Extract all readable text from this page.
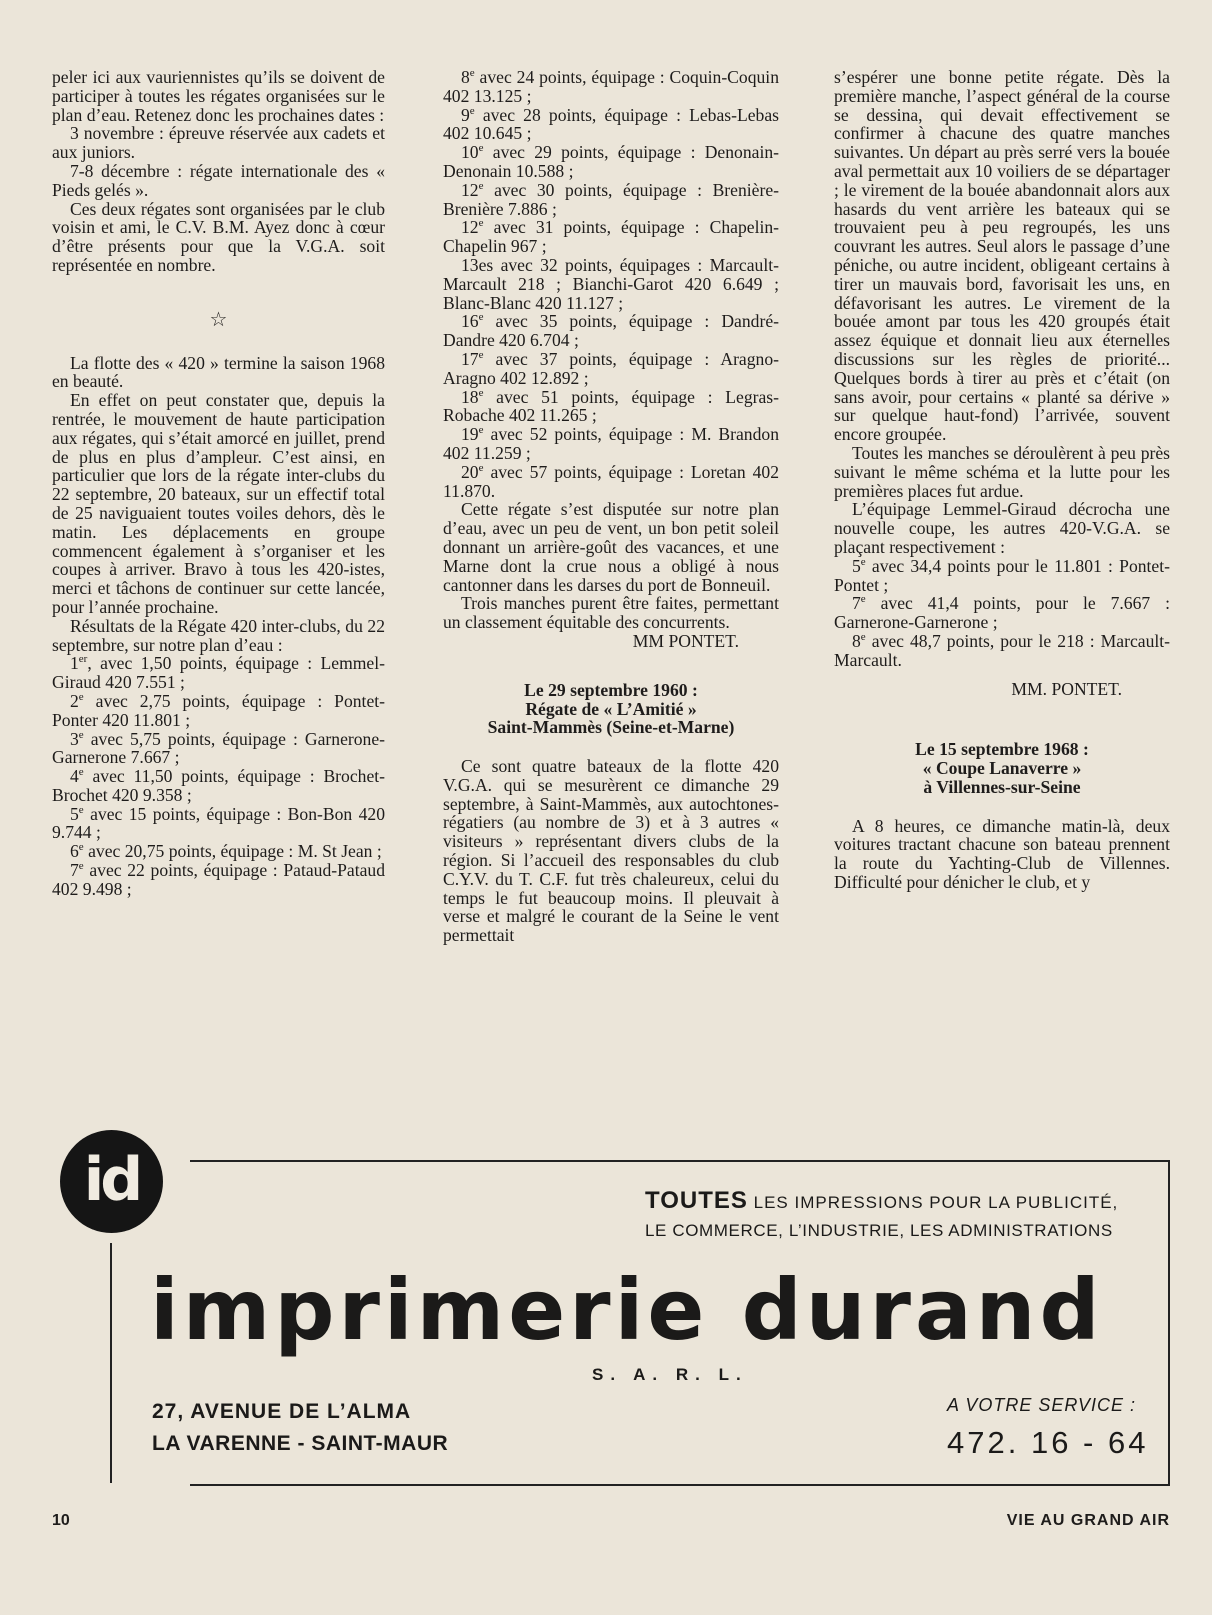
peler ici aux vauriennistes qu’ils se doivent de participer à toutes les régates organisées sur le plan d’eau. Retenez donc les prochaines dates :

3 novembre : épreuve réservée aux cadets et aux juniors.

7-8 décembre : régate internationale des « Pieds gelés ».

Ces deux régates sont organisées par le club voisin et ami, le C.V. B.M. Ayez donc à cœur d’être présents pour que la V.G.A. soit représentée en nombre.

☆

La flotte des « 420 » termine la saison 1968 en beauté.

En effet on peut constater que, depuis la rentrée, le mouvement de haute participation aux régates, qui s’était amorcé en juillet, prend de plus en plus d’ampleur. C’est ainsi, en particulier que lors de la régate inter-clubs du 22 septembre, 20 bateaux, sur un effectif total de 25 naviguaient toutes voiles dehors, dès le matin. Les déplacements en groupe commencent également à s’organiser et les coupes à arriver. Bravo à tous les 420-istes, merci et tâchons de continuer sur cette lancée, pour l’année prochaine.

Résultats de la Régate 420 inter-clubs, du 22 septembre, sur notre plan d’eau :

1er, avec 1,50 points, équipage : Lemmel-Giraud 420 7.551 ;

2e avec 2,75 points, équipage : Pontet-Ponter 420 11.801 ;

3e avec 5,75 points, équipage : Garnerone-Garnerone 7.667 ;

4e avec 11,50 points, équipage : Brochet-Brochet 420 9.358 ;

5e avec 15 points, équipage : Bon-Bon 420 9.744 ;

6e avec 20,75 points, équipage : M. St Jean ;

7e avec 22 points, équipage : Pataud-Pataud 402 9.498 ;

8e avec 24 points, équipage : Coquin-Coquin 402 13.125 ;

9e avec 28 points, équipage : Lebas-Lebas 402 10.645 ;

10e avec 29 points, équipage : Denonain-Denonain 10.588 ;

12e avec 30 points, équipage : Brenière-Brenière 7.886 ;

12e avec 31 points, équipage : Chapelin-Chapelin 967 ;

13es avec 32 points, équipages : Marcault-Marcault 218 ; Bianchi-Garot 420 6.649 ; Blanc-Blanc 420 11.127 ;

16e avec 35 points, équipage : Dandré-Dandre 420 6.704 ;

17e avec 37 points, équipage : Aragno-Aragno 402 12.892 ;

18e avec 51 points, équipage : Legras-Robache 402 11.265 ;

19e avec 52 points, équipage : M. Brandon 402 11.259 ;

20e avec 57 points, équipage : Loretan 402 11.870.

Cette régate s’est disputée sur notre plan d’eau, avec un peu de vent, un bon petit soleil donnant un arrière-goût des vacances, et une Marne dont la crue nous a obligé à nous cantonner dans les darses du port de Bonneuil.

Trois manches purent être faites, permettant un classement équitable des concurrents.

MM PONTET.

Le 29 septembre 1960 :
Régate de « L’Amitié »
Saint-Mammès (Seine-et-Marne)

Ce sont quatre bateaux de la flotte 420 V.G.A. qui se mesurèrent ce dimanche 29 septembre, à Saint-Mammès, aux autochtones-régatiers (au nombre de 3) et à 3 autres « visiteurs » représentant divers clubs de la région. Si l’accueil des responsables du club C.Y.V. du T. C.F. fut très chaleureux, celui du temps le fut beaucoup moins. Il pleuvait à verse et malgré le courant de la Seine le vent permettait

s’espérer une bonne petite régate. Dès la première manche, l’aspect général de la course se dessina, qui devait effectivement se confirmer à chacune des quatre manches suivantes. Un départ au près serré vers la bouée aval permettait aux 10 voiliers de se départager ; le virement de la bouée abandonnait alors aux hasards du vent arrière les bateaux qui se trouvaient peu à peu regroupés, les uns couvrant les autres. Seul alors le passage d’une péniche, ou autre incident, obligeant certains à tirer un mauvais bord, favorisait les uns, en défavorisant les autres. Le virement de la bouée amont par tous les 420 groupés était assez équique et donnait lieu aux éternelles discussions sur les règles de priorité... Quelques bords à tirer au près et c’était (on sans avoir, pour certains « planté sa dérive » sur quelque haut-fond) l’arrivée, souvent encore groupée.

Toutes les manches se déroulèrent à peu près suivant le même schéma et la lutte pour les premières places fut ardue.

L’équipage Lemmel-Giraud décrocha une nouvelle coupe, les autres 420-V.G.A. se plaçant respectivement :

5e avec 34,4 points pour le 11.801 : Pontet-Pontet ;

7e avec 41,4 points, pour le 7.667 : Garnerone-Garnerone ;

8e avec 48,7 points, pour le 218 : Marcault-Marcault.

MM. PONTET.

Le 15 septembre 1968 :
« Coupe Lanaverre »
à Villennes-sur-Seine

A 8 heures, ce dimanche matin-là, deux voitures tractant chacune son bateau prennent la route du Yachting-Club de Villennes. Difficulté pour dénicher le club, et y

id	TOUTES LES IMPRESSIONS POUR LA PUBLICITÉ,
LE COMMERCE, L’INDUSTRIE, LES ADMINISTRATIONS
imprimerie durand
S. A. R. L.
27, AVENUE DE L’ALMA
LA VARENNE - SAINT-MAUR
A VOTRE SERVICE :
472. 16 - 64
10	VIE AU GRAND AIR
